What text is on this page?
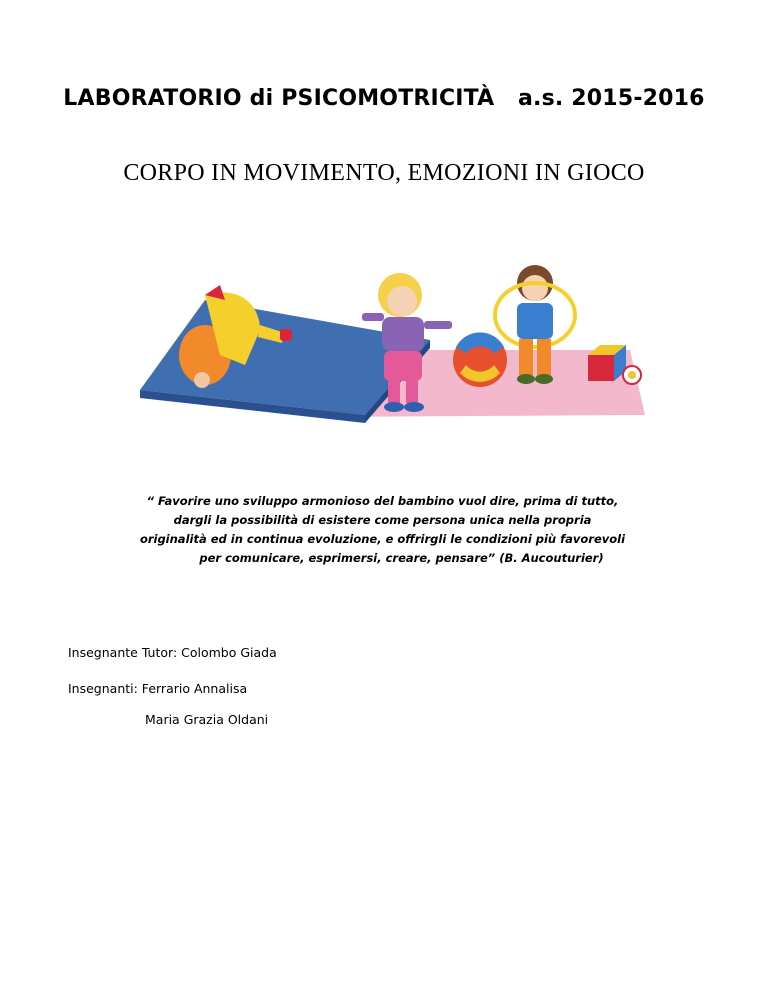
LABORATORIO di PSICOMOTRICITÀ   a.s. 2015-2016
CORPO IN MOVIMENTO, EMOZIONI IN GIOCO
“ Favorire uno sviluppo armonioso del bambino vuol dire, prima di tutto,
dargli la possibilità di esistere come persona unica nella propria
originalità ed in continua evoluzione, e offrirgli le condizioni più favorevoli
per comunicare, esprimersi, creare, pensare” (B. Aucouturier)
Insegnante Tutor: Colombo Giada
Insegnanti: Ferrario Annalisa
Maria Grazia Oldani
